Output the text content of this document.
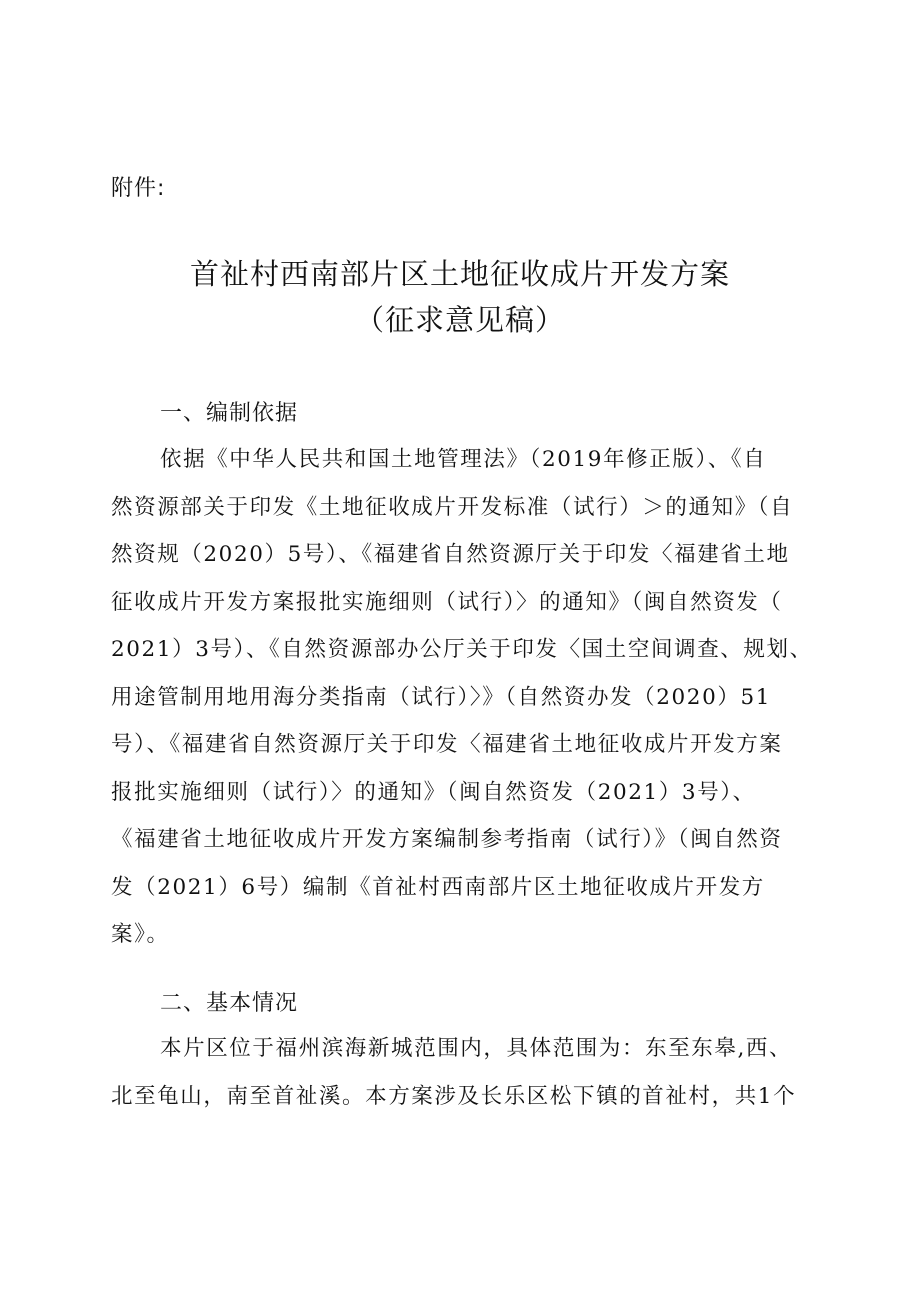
附件:
首祉村西南部片区土地征收成片开发方案
（征求意见稿）
一、编制依据
依据《中华人民共和国土地管理法》（2019年修正版）、《自
然资源部关于印发《土地征收成片开发标准（试行）＞的通知》（自
然资规（2020）5号）、《福建省自然资源厅关于印发〈福建省土地
征收成片开发方案报批实施细则（试行）〉的通知》（闽自然资发（
2021）3号）、《自然资源部办公厅关于印发〈国土空间调查、规划、
用途管制用地用海分类指南（试行）〉》（自然资办发（2020）51
号）、《福建省自然资源厅关于印发〈福建省土地征收成片开发方案
报批实施细则（试行）〉的通知》（闽自然资发（2021）3号）、
《福建省土地征收成片开发方案编制参考指南（试行）》（闽自然资
发（2021）6号）编制《首祉村西南部片区土地征收成片开发方
案》。
二、基本情况
本片区位于福州滨海新城范围内，具体范围为：东至东皋,西、
北至龟山，南至首祉溪。本方案涉及长乐区松下镇的首祉村，共1个
